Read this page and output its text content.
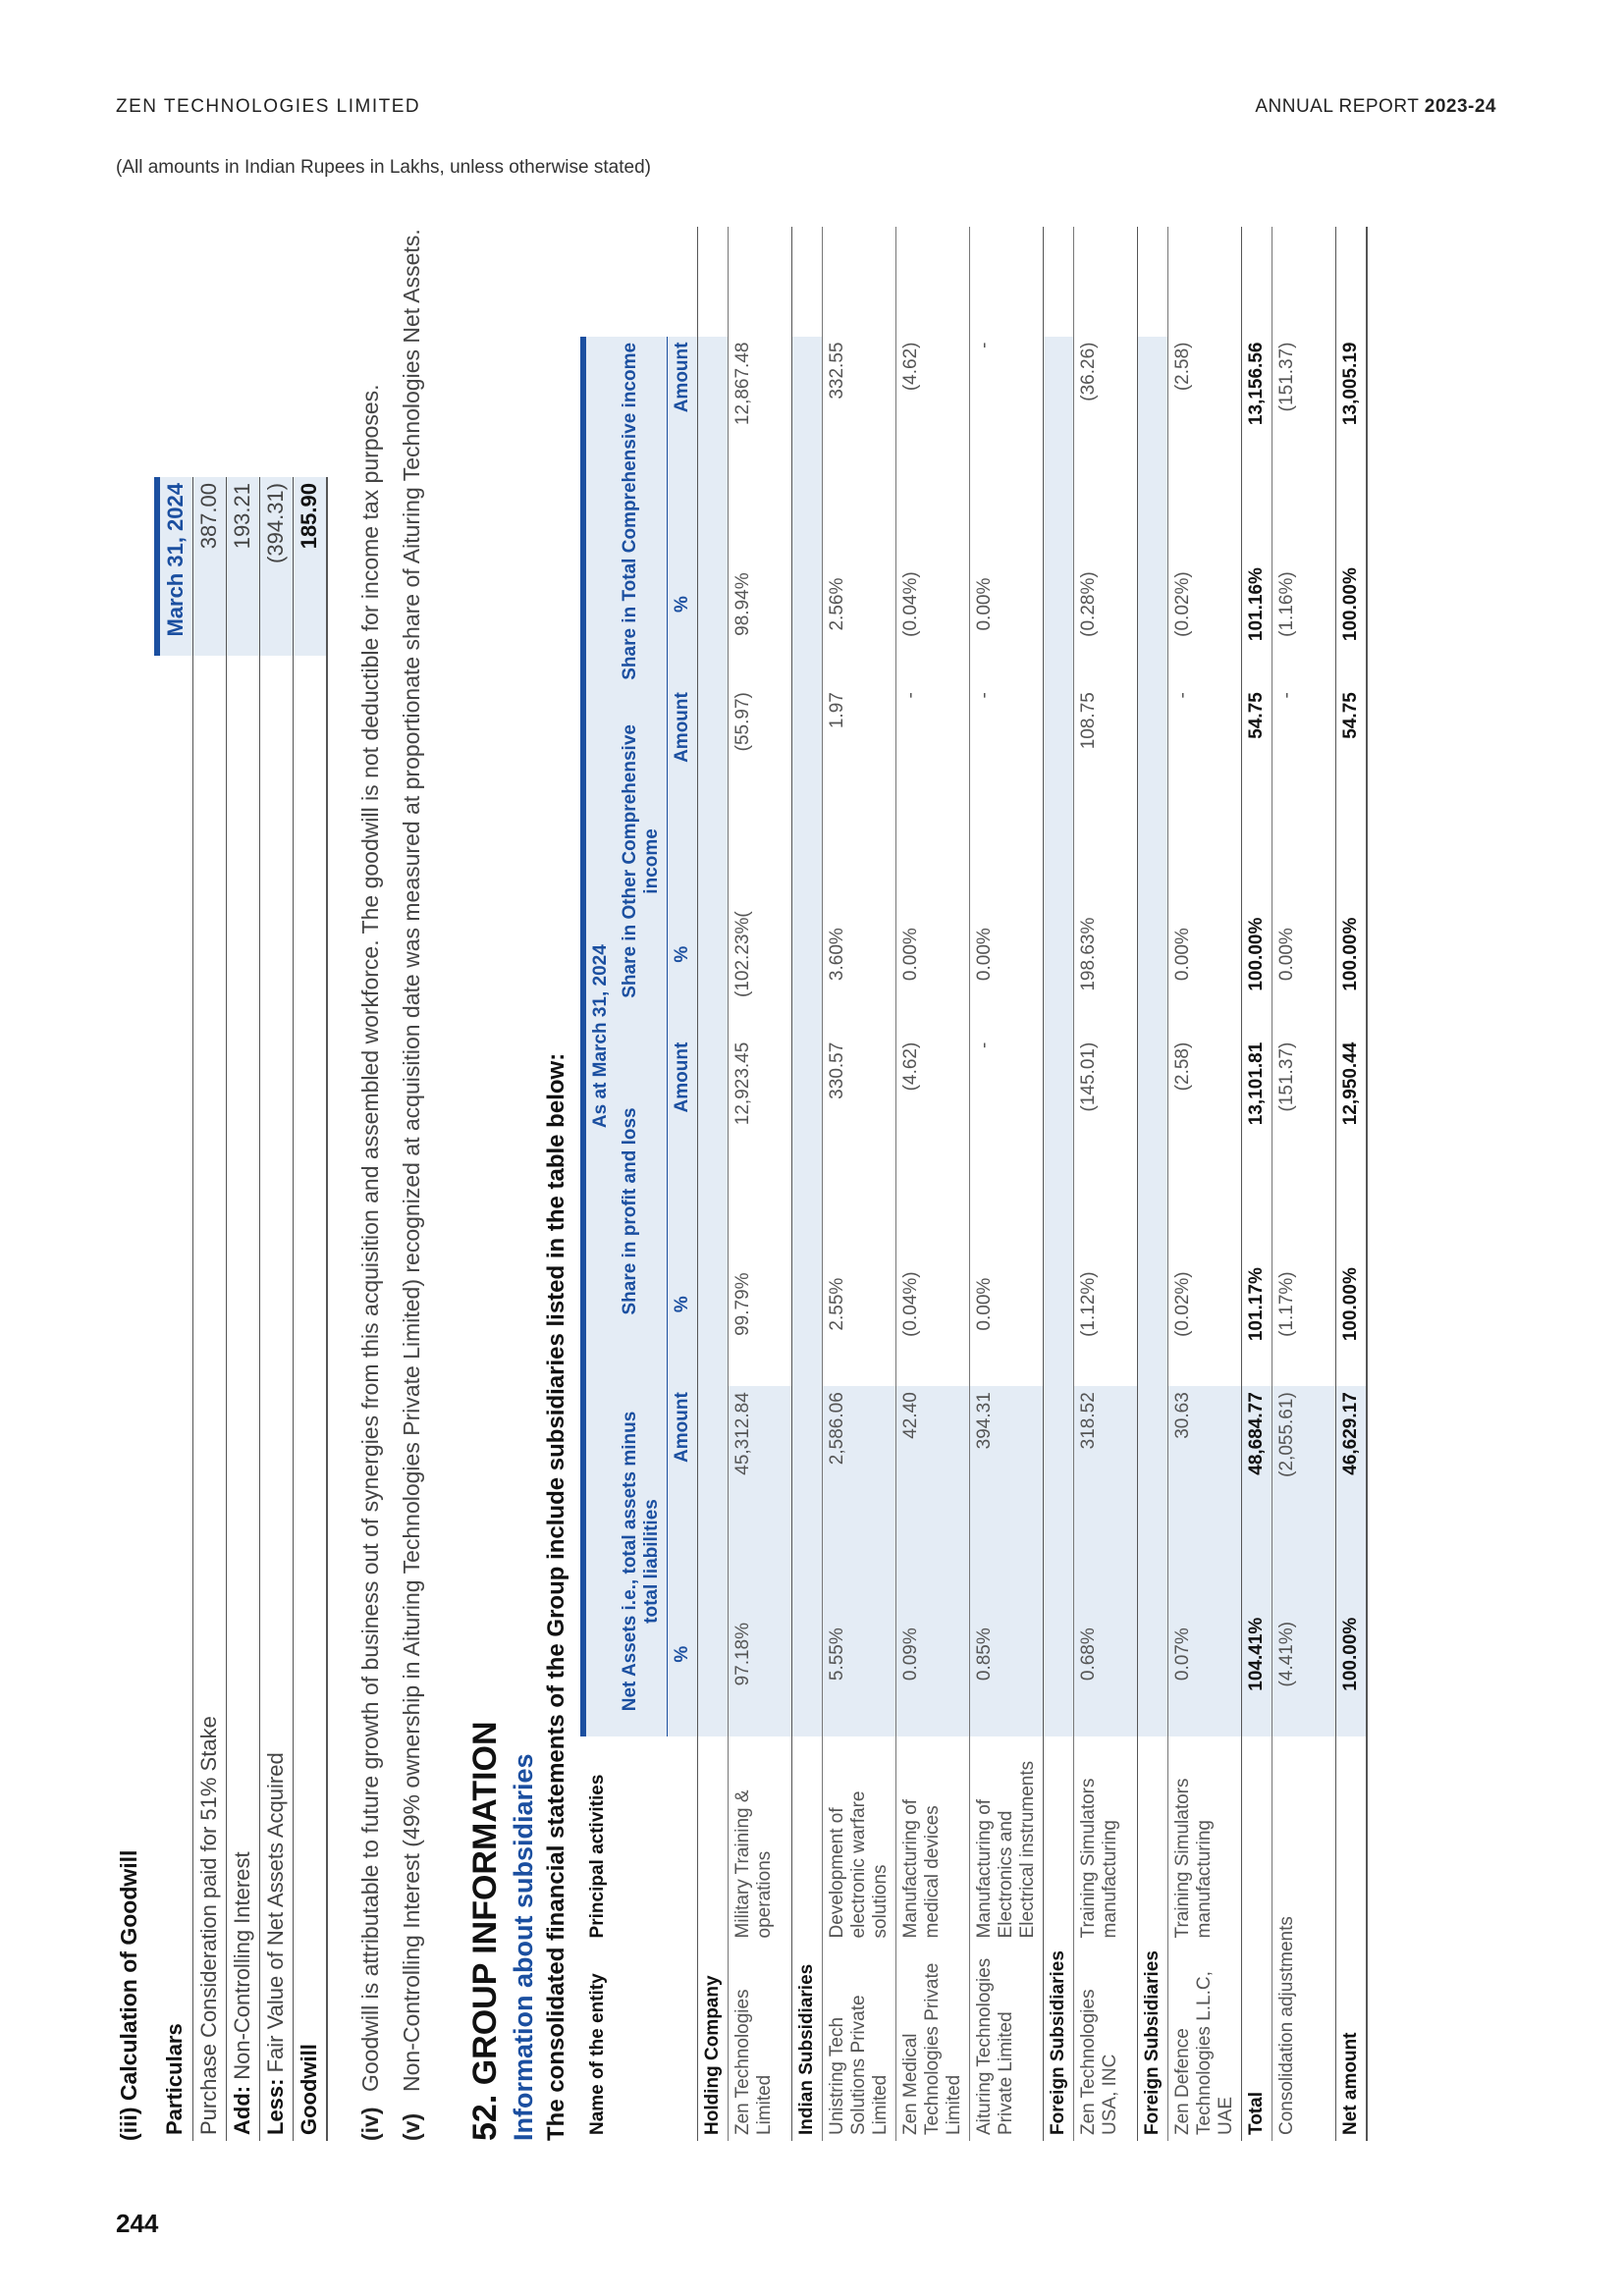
ZEN TECHNOLOGIES LIMITED	ANNUAL REPORT 2023-24
(All amounts in Indian Rupees in Lakhs, unless otherwise stated)
(iii) Calculation of Goodwill Particulars	March 31, 2024
Purchase Consideration paid for 51% Stake	387.00
Add: Non-Controlling Interest	193.21
Less: Fair Value of Net Assets Acquired	(394.31)
Goodwill	185.90
(iv)
Goodwill is attributable to future growth of business out of synergies from this acquisition and assembled workforce. The goodwill is not deductible for income tax purposes.
(v)
Non-Controlling Interest (49% ownership in Aituring Technologies Private Limited) recognized at acquisition date was measured at proportionate share of Aituring Technologies Net Assets. 52. GROUP INFORMATION Information about subsidiaries The consolidated financial statements of the Group include subsidiaries listed in the table below: Name of the entity	Principal activities	As at March 31, 2024								
		Net Assets i.e., total assets minus total liabilities		Share in profit and loss		Share in Other Comprehensive income		Share in Total Comprehensive income		
		%	Amount	%	Amount	%	Amount	%	Amount	
Holding Company										
Zen Technologies Limited	Military Training & operations	97.18%	45,312.84	99.79%	12,923.45	(102.23%(	(55.97)	98.94%	12,867.48	
Indian Subsidiaries										
Unistring Tech Solutions Private Limited	Development of electronic warfare solutions	5.55%	2,586.06	2.55%	330.57	3.60%	1.97	2.56%	332.55	
Zen Medical Technologies Private Limited	Manufacturing of medical devices	0.09%	42.40	(0.04%)	(4.62)	0.00%	-	(0.04%)	(4.62)	
Aituring Technologies Private Limited	Manufacturing of Electronics and Electrical instruments	0.85%	394.31	0.00%	-	0.00%	-	0.00%	-	
Foreign Subsidiaries										
Zen Technologies USA, INC	Training Simulators manufacturing	0.68%	318.52	(1.12%)	(145.01)	198.63%	108.75	(0.28%)	(36.26)	
Foreign Subsidiaries										
Zen Defence Technologies L.L.C, UAE	Training Simulators manufacturing	0.07%	30.63	(0.02%)	(2.58)	0.00%	-	(0.02%)	(2.58)	
Total		104.41%	48,684.77	101.17%	13,101.81	100.00%	54.75	101.16%	13,156.56	
Consolidation adjustments		(4.41%)	(2,055.61)	(1.17%)	(151.37)	0.00%	-	(1.16%)	(151.37)	
Net amount		100.00%	46,629.17	100.00%	12,950.44	100.00%	54.75	100.00%	13,005.19	
244
